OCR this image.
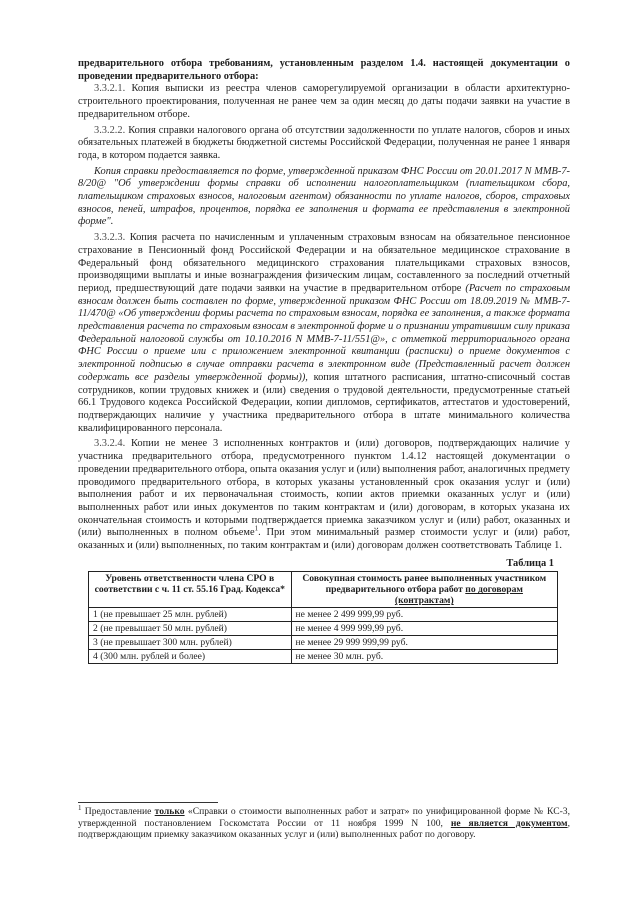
предварительного отбора требованиям, установленным разделом 1.4. настоящей документации о проведении предварительного отбора:

3.3.2.1. Копия выписки из реестра членов саморегулируемой организации в области архитектурно-строительного проектирования, полученная не ранее чем за один месяц до даты подачи заявки на участие в предварительном отборе.

3.3.2.2. Копия справки налогового органа об отсутствии задолженности по уплате налогов, сборов и иных обязательных платежей в бюджеты бюджетной системы Российской Федерации, полученная не ранее 1 января года, в котором подается заявка.

Копия справки предоставляется по форме, утвержденной приказом ФНС России от 20.01.2017 N ММВ-7-8/20@ "Об утверждении формы справки об исполнении налогоплательщиком (плательщиком сбора, плательщиком страховых взносов, налоговым агентом) обязанности по уплате налогов, сборов, страховых взносов, пеней, штрафов, процентов, порядка ее заполнения и формата ее представления в электронной форме".

3.3.2.3. Копия расчета по начисленным и уплаченным страховым взносам на обязательное пенсионное страхование в Пенсионный фонд Российской Федерации и на обязательное медицинское страхование в Федеральный фонд обязательного медицинского страхования плательщиками страховых взносов, производящими выплаты и иные вознаграждения физическим лицам, составленного за последний отчетный период, предшествующий дате подачи заявки на участие в предварительном отборе (Расчет по страховым взносам должен быть составлен по форме, утвержденной приказом ФНС России от 18.09.2019 № ММВ-7-11/470@ «Об утверждении формы расчета по страховым взносам, порядка ее заполнения, а также формата представления расчета по страховым взносам в электронной форме и о признании утратившим силу приказа Федеральной налоговой службы от 10.10.2016 N ММВ-7-11/551@», с отметкой территориального органа ФНС России о приеме или с приложением электронной квитанции (расписки) о приеме документов с электронной подписью в случае отправки расчета в электронном виде (Представленный расчет должен содержать все разделы утвержденной формы)), копия штатного расписания, штатно-списочный состав сотрудников, копии трудовых книжек и (или) сведения о трудовой деятельности, предусмотренные статьей 66.1 Трудового кодекса Российской Федерации, копии дипломов, сертификатов, аттестатов и удостоверений, подтверждающих наличие у участника предварительного отбора в штате минимального количества квалифицированного персонала.

3.3.2.4. Копии не менее 3 исполненных контрактов и (или) договоров, подтверждающих наличие у участника предварительного отбора, предусмотренного пунктом 1.4.12 настоящей документации о проведении предварительного отбора, опыта оказания услуг и (или) выполнения работ, аналогичных предмету проводимого предварительного отбора, в которых указаны установленный срок оказания услуг и (или) выполнения работ и их первоначальная стоимость, копии актов приемки оказанных услуг и (или) выполненных работ или иных документов по таким контрактам и (или) договорам, в которых указана их окончательная стоимость и которыми подтверждается приемка заказчиком услуг и (или) работ, оказанных и (или) выполненных в полном объеме$^1$. При этом минимальный размер стоимости услуг и (или) работ, оказанных и (или) выполненных, по таким контрактам и (или) договорам должен соответствовать Таблице 1.

Таблица 1

Уровень ответственности члена СРО в соответствии с ч. 11 ст. 55.16 Град. Кодекса*	Совокупная стоимость ранее выполненных участником предварительного отбора работ по договорам (контрактам)
1 (не превышает 25 млн. рублей)	не менее 2 499 999,99 руб.
2 (не превышает 50 млн. рублей)	не менее 4 999 999,99 руб.
3 (не превышает 300 млн. рублей)	не менее 29 999 999,99 руб.
4 (300 млн. рублей и более)	не менее 30 млн. руб.
$^1$ Предоставление только «Справки о стоимости выполненных работ и затрат» по унифицированной форме № КС-3, утвержденной постановлением Госкомстата России от 11 ноября 1999 N 100, не является документом, подтверждающим приемку заказчиком оказанных услуг и (или) выполненных работ по договору.
